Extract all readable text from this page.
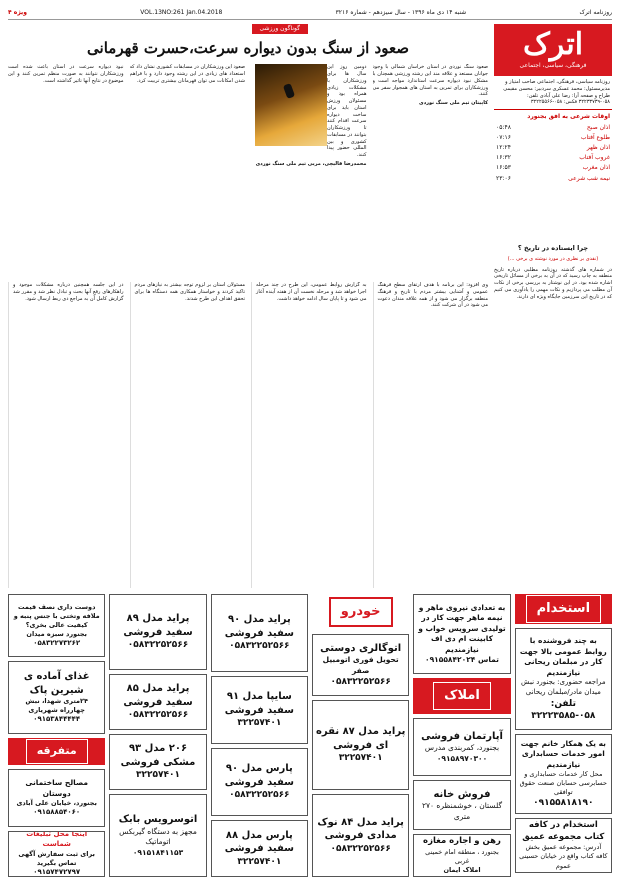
روزنامه اترک
شنبه ۱۴ دی ماه ۱۳۹۶ - سال سیزدهم - شماره ۳۲۱۶
VOL.13NO:261 Jan.04.2018
ویژه ۴
اترک
فرهنگی، سیاسی، اجتماعی
روزنامه سیاسی، فرهنگی، اجتماعی صاحب امتیاز و مدیرمسئول: محمد عسکری سردبیر: محسن مقیمی طراح و صفحه آرا: رضا علی آبادی تلفن: ۰۵۸-۳۲۲۳۳۷۳۹ فکس: ۰۵۸-۳۲۲۲۵۵۶۶
اوقات شرعی به افق بجنورد
اذان صبح	۰۵:۴۸
طلوع آفتاب	۰۷:۱۶
اذان ظهر	۱۲:۲۴
غروب آفتاب	۱۶:۳۲
اذان مغرب	۱۶:۵۳
نیمه شب شرعی	۲۳:۰۶
گوناگون ورزشی
صعود از سنگ بدون دیواره سرعت،حسرت قهرمانی

صعود سنگ نوردی در استان خراسان شمالی با وجود جوانان مستعد و علاقه مند این رشته ورزشی همچنان با مشکل نبود دیواره سرعت استاندارد مواجه است و ورزشکاران برای تمرین به استان های همجوار سفر می کنند.

کاپیتان تیم ملی سنگ نوردی

دومین روز این سال ها برای ورزشکاران با مشکلات زیادی همراه بود و مسئولان ورزش استان باید برای ساخت دیواره سرعت اقدام کنند تا ورزشکاران بتوانند در مسابقات کشوری و بین المللی حضور پیدا کنند.

محمدرضا قالیچی، مربی تیم ملی سنگ نوردی

صعود این ورزشکاران در مسابقات کشوری نشان داد که استعداد های زیادی در این رشته وجود دارد و با فراهم شدن امکانات می توان قهرمانان بیشتری تربیت کرد.

نبود دیواره سرعت در استان باعث شده است ورزشکاران نتوانند به صورت منظم تمرین کنند و این موضوع در نتایج آنها تاثیر گذاشته است.

چرا ایستاده در تاریخ ؟
(نقدی بر نظری در مورد نوشته ی برخی ...)

در شماره های گذشته روزنامه مطلبی درباره تاریخ منطقه به چاپ رسید که در آن به برخی از مسائل تاریخی اشاره شده بود. در این نوشتار به بررسی برخی از نکات آن مطلب می پردازیم و نکات مهمی را یادآوری می کنیم که در تاریخ این سرزمین جایگاه ویژه ای دارند.

وی افزود: این برنامه با هدف ارتقای سطح فرهنگ عمومی و آشنایی بیشتر مردم با تاریخ و فرهنگ منطقه برگزار می شود و از همه علاقه مندان دعوت می شود در آن شرکت کنند.
به گزارش روابط عمومی، این طرح در چند مرحله اجرا خواهد شد و مرحله نخست آن از هفته آینده آغاز می شود و تا پایان سال ادامه خواهد داشت.
مسئولان استان بر لزوم توجه بیشتر به نیازهای مردم تاکید کردند و خواستار همکاری همه دستگاه ها برای تحقق اهداف این طرح شدند.
در این جلسه همچنین درباره مشکلات موجود و راهکارهای رفع آنها بحث و تبادل نظر شد و مقرر شد گزارش کامل آن به مراجع ذی ربط ارسال شود.
استخدام
به چند فروشنده با روابط عمومی بالا جهت کار در مبلمان ریحانی نیازمندیم
مراجعه حضوری: بجنورد نبش میدان مادر/مبلمان ریحانی
تلفن: ۰۵۸-۳۲۲۲۳۵۸۵
به یک همکار خانم جهت امور خدمات حسابداری نیازمندیم
محل کار خدمات حسابداری و حسابرسی حسابان صنعت حقوق توافقی
۰۹۱۵۵۸۱۸۱۹۰
استخدام در کافه کتاب مجموعه عمیق
آدرس: مجموعه عمیق بخش کافه کتاب واقع در خیابان حسینی عموم
به تعدادی نیروی ماهر و نیمه ماهر جهت کار در تولیدی سرویس خواب و کابینت ام دی اف نیازمندیم
تماس ۰۹۱۵۵۸۴۲۰۲۴
املاک
آپارتمان فروشی
بجنورد، کمربندی مدرس
۰۹۱۵۸۹۷۰۳۰۰
فروش خانه
گلستان ، خوشمنظره ۲۷۰ متری
رهن و اجاره مغازه
بجنورد ، منطقه امام خمینی غربی
املاک ایمان
خودرو
اتوگالری دوستی
تحویل فوری اتومبیل صفر
۰۵۸۳۲۲۵۲۵۶۶
پراید مدل ۸۷ نقره ای فروشی
۳۲۲۵۷۴۰۱
پراید مدل ۸۴ نوک مدادی فروشی
۰۵۸۳۲۲۵۲۵۶۶
پراید مدل ۹۰ سفید فروشی
۰۵۸۳۲۲۵۲۵۶۶
سایپا مدل ۹۱ سفید فروشی
۳۲۲۵۷۴۰۱
پارس مدل ۹۰ سفید فروشی
۰۵۸۳۲۲۵۲۵۶۶
پارس مدل ۸۸ سفید فروشی
۳۲۲۵۷۴۰۱
پراید مدل ۸۹ سفید فروشی
۰۵۸۳۲۲۵۲۵۶۶
پراید مدل ۸۵ سفید فروشی
۰۵۸۳۲۲۵۲۵۶۶
۲۰۶ مدل ۹۳ مشکی فروشی
۳۲۲۵۷۴۰۱
اتوسرویس بابک
مجهز به دستگاه گیربکس اتوماتیک
۰۹۱۵۱۸۴۱۱۵۳
دوست داری نصف قیمت ملافه وتختی با جنس پنبه و کیفیت عالی بخری؟
بجنورد سبزه میدان
۰۵۸۳۲۲۷۳۲۶۲
غذای آماده ی شیرین پاک
۲۴متری شهدا، نبش چهارراه شهریاری
۰۹۱۵۳۸۴۴۴۴۴
متفرقه
مصالح ساختمانی دوستان
بجنورد، خیابان علی آبادی
۰۹۱۵۸۸۵۴۰۶۰
اینجا محل تبلیغات شماست
برای ثبت سفارش آگهی تماس بگیرید
۰۹۱۵۷۴۷۲۷۹۷
